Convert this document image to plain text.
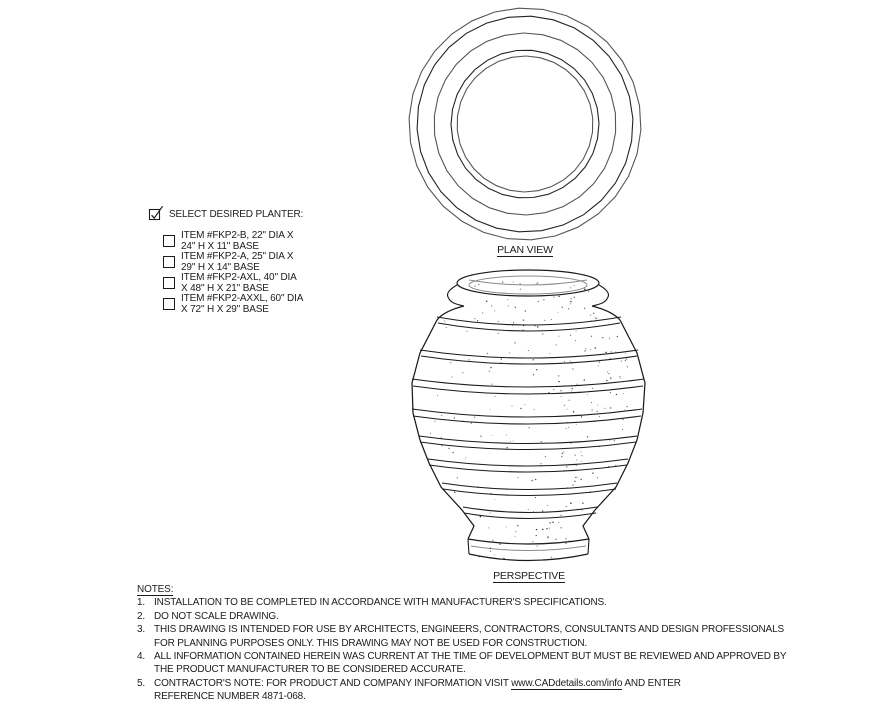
SELECT DESIRED PLANTER:
ITEM #FKP2-B, 22" DIA X 24" H X 11" BASE
ITEM #FKP2-A, 25" DIA X 29" H X 14" BASE
ITEM #FKP2-AXL, 40" DIA X 48" H X 21" BASE
ITEM #FKP2-AXXL, 60" DIA X 72" H X 29" BASE
PLAN VIEW
PERSPECTIVE
NOTES:
1. INSTALLATION TO BE COMPLETED IN ACCORDANCE WITH MANUFACTURER'S SPECIFICATIONS.
2. DO NOT SCALE DRAWING.
3. THIS DRAWING IS INTENDED FOR USE BY ARCHITECTS, ENGINEERS, CONTRACTORS, CONSULTANTS AND DESIGN PROFESSIONALS
FOR PLANNING PURPOSES ONLY. THIS DRAWING MAY NOT BE USED FOR CONSTRUCTION.
4. ALL INFORMATION CONTAINED HEREIN WAS CURRENT AT THE TIME OF DEVELOPMENT BUT MUST BE REVIEWED AND APPROVED BY
THE PRODUCT MANUFACTURER TO BE CONSIDERED ACCURATE.
5. CONTRACTOR'S NOTE: FOR PRODUCT AND COMPANY INFORMATION VISIT www.CADdetails.com/info AND ENTER
REFERENCE NUMBER 4871-068.
